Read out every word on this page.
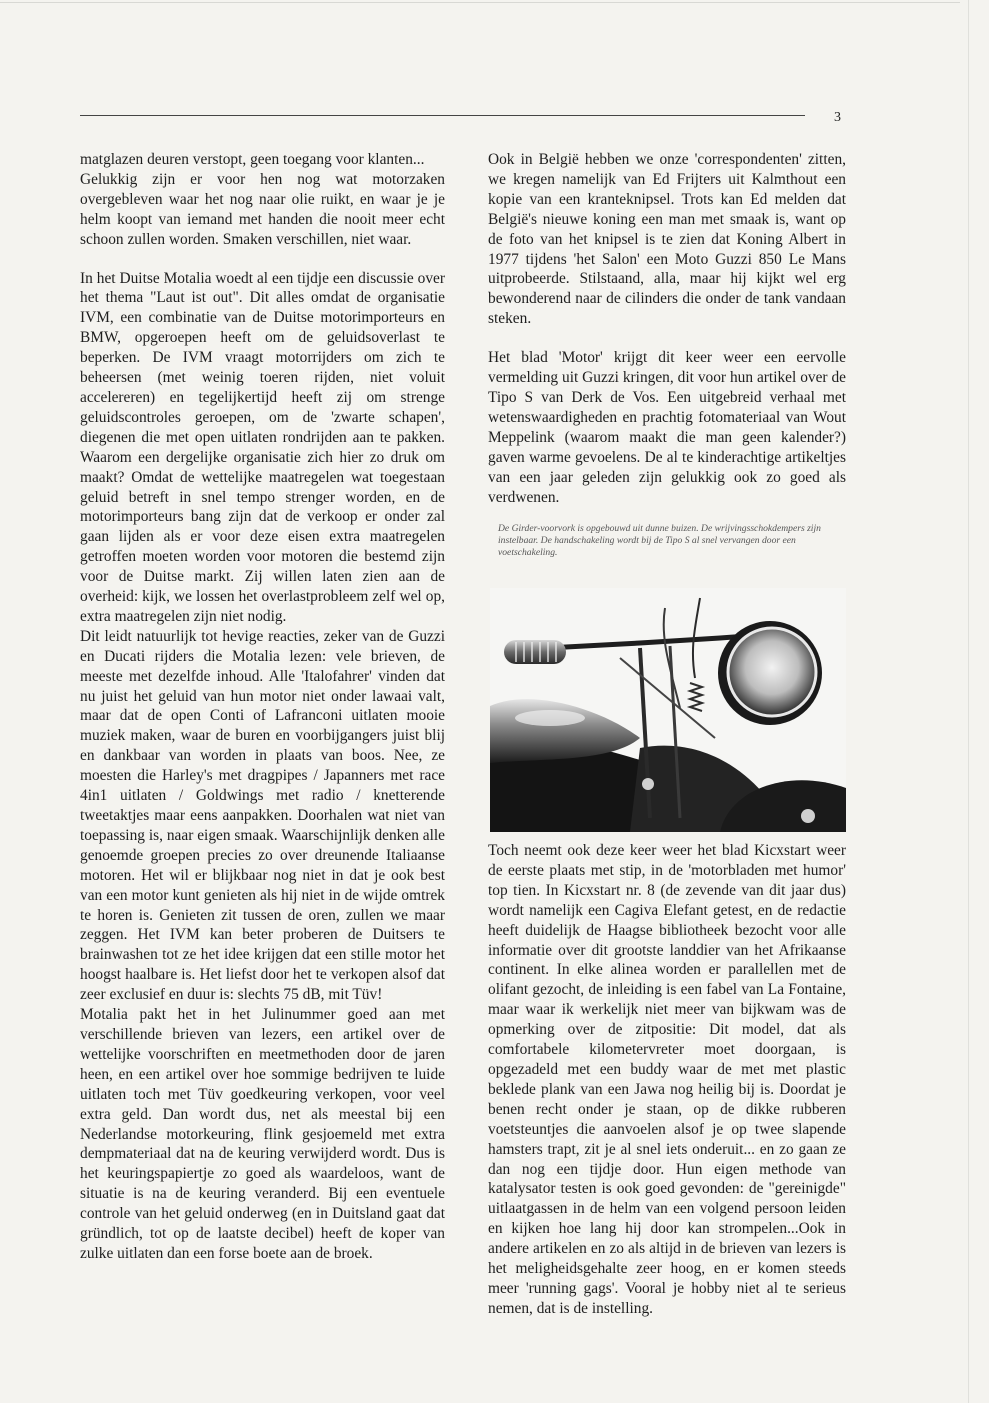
3

matglazen deuren verstopt, geen toegang voor klanten...

Gelukkig zijn er voor hen nog wat motorzaken overgebleven waar het nog naar olie ruikt, en waar je je helm koopt van iemand met handen die nooit meer echt schoon zullen worden. Smaken verschillen, niet waar.

In het Duitse Motalia woedt al een tijdje een discussie over het thema "Laut ist out". Dit alles omdat de organisatie IVM, een combinatie van de Duitse motorimporteurs en BMW, opgeroepen heeft om de geluidsoverlast te beperken. De IVM vraagt motorrijders om zich te beheersen (met weinig toeren rijden, niet voluit accelereren) en tegelijkertijd heeft zij om strenge geluidscontroles geroepen, om de 'zwarte schapen', diegenen die met open uitlaten rondrijden aan te pakken. Waarom een dergelijke organisatie zich hier zo druk om maakt? Omdat de wettelijke maatregelen wat toegestaan geluid betreft in snel tempo strenger worden, en de motorimporteurs bang zijn dat de verkoop er onder zal gaan lijden als er voor deze eisen extra maatregelen getroffen moeten worden voor motoren die bestemd zijn voor de Duitse markt. Zij willen laten zien aan de overheid: kijk, we lossen het overlastprobleem zelf wel op, extra maatregelen zijn niet nodig.

Dit leidt natuurlijk tot hevige reacties, zeker van de Guzzi en Ducati rijders die Motalia lezen: vele brieven, de meeste met dezelfde inhoud. Alle 'Italofahrer' vinden dat nu juist het geluid van hun motor niet onder lawaai valt, maar dat de open Conti of Lafranconi uitlaten mooie muziek maken, waar de buren en voorbijgangers juist blij en dankbaar van worden in plaats van boos. Nee, ze moesten die Harley's met dragpipes / Japanners met race 4in1 uitlaten / Goldwings met radio / knetterende tweetaktjes maar eens aanpakken. Doorhalen wat niet van toepassing is, naar eigen smaak. Waarschijnlijk denken alle genoemde groepen precies zo over dreunende Italiaanse motoren. Het wil er blijkbaar nog niet in dat je ook best van een motor kunt genieten als hij niet in de wijde omtrek te horen is. Genieten zit tussen de oren, zullen we maar zeggen. Het IVM kan beter proberen de Duitsers te brainwashen tot ze het idee krijgen dat een stille motor het hoogst haalbare is. Het liefst door het te verkopen alsof dat zeer exclusief en duur is: slechts 75 dB, mit Tüv!

Motalia pakt het in het Julinummer goed aan met verschillende brieven van lezers, een artikel over de wettelijke voorschriften en meetmethoden door de jaren heen, en een artikel over hoe sommige bedrijven te luide uitlaten toch met Tüv goedkeuring verkopen, voor veel extra geld. Dan wordt dus, net als meestal bij een Nederlandse motorkeuring, flink gesjoemeld met extra dempmateriaal dat na de keuring verwijderd wordt. Dus is het keuringspapiertje zo goed als waardeloos, want de situatie is na de keuring veranderd. Bij een eventuele controle van het geluid onderweg (en in Duitsland gaat dat gründlich, tot op de laatste decibel) heeft de koper van zulke uitlaten dan een forse boete aan de broek.

Ook in België hebben we onze 'correspondenten' zitten, we kregen namelijk van Ed Frijters uit Kalmthout een kopie van een kranteknipsel. Trots kan Ed melden dat België's nieuwe koning een man met smaak is, want op de foto van het knipsel is te zien dat Koning Albert in 1977 tijdens 'het Salon' een Moto Guzzi 850 Le Mans uitprobeerde. Stilstaand, alla, maar hij kijkt wel erg bewonderend naar de cilinders die onder de tank vandaan steken.

Het blad 'Motor' krijgt dit keer weer een eervolle vermelding uit Guzzi kringen, dit voor hun artikel over de Tipo S van Derk de Vos. Een uitgebreid verhaal met wetenswaardigheden en prachtig fotomateriaal van Wout Meppelink (waarom maakt die man geen kalender?) gaven warme gevoelens. De al te kinderachtige artikeltjes van een jaar geleden zijn gelukkig ook zo goed als verdwenen.

De Girder-voorvork is opgebouwd uit dunne buizen. De wrijvingsschokdempers zijn instelbaar. De handschakeling wordt bij de Tipo S al snel vervangen door een voetschakeling.

Toch neemt ook deze keer weer het blad Kicxstart weer de eerste plaats met stip, in de 'motorbladen met humor' top tien. In Kicxstart nr. 8 (de zevende van dit jaar dus) wordt namelijk een Cagiva Elefant getest, en de redactie heeft duidelijk de Haagse bibliotheek bezocht voor alle informatie over dit grootste landdier van het Afrikaanse continent. In elke alinea worden er parallellen met de olifant gezocht, de inleiding is een fabel van La Fontaine, maar waar ik werkelijk niet meer van bijkwam was de opmerking over de zitpositie: Dit model, dat als comfortabele kilometervreter moet doorgaan, is opgezadeld met een buddy waar de met met plastic beklede plank van een Jawa nog heilig bij is. Doordat je benen recht onder je staan, op de dikke rubberen voetsteuntjes die aanvoelen alsof je op twee slapende hamsters trapt, zit je al snel iets onderuit... en zo gaan ze dan nog een tijdje door. Hun eigen methode van katalysator testen is ook goed gevonden: de "gereinigde" uitlaatgassen in de helm van een volgend persoon leiden en kijken hoe lang hij door kan strompelen...Ook in andere artikelen en zo als altijd in de brieven van lezers is het meligheidsgehalte zeer hoog, en er komen steeds meer 'running gags'. Vooral je hobby niet al te serieus nemen, dat is de instelling.
